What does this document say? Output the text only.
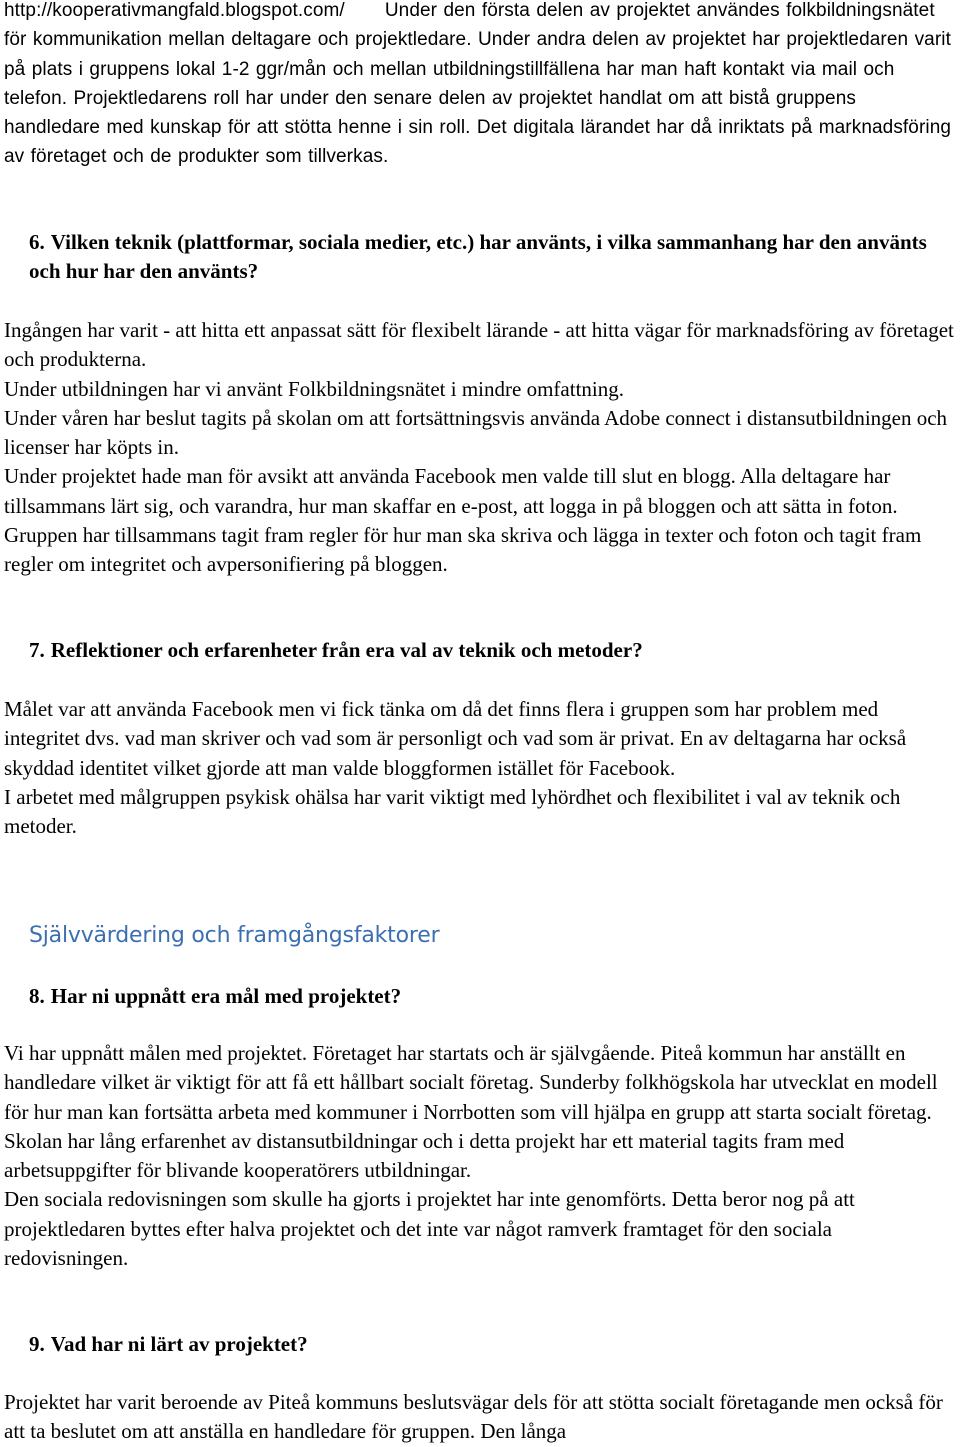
http://kooperativmangfald.blogspot.com/ Under den första delen av projektet användes folkbildningsnätet för kommunikation mellan deltagare och projektledare. Under andra delen av projektet har projektledaren varit på plats i gruppens lokal 1-2 ggr/mån och mellan utbildningstillfällena har man haft kontakt via mail och telefon. Projektledarens roll har under den senare delen av projektet handlat om att bistå gruppens handledare med kunskap för att stötta henne i sin roll. Det digitala lärandet har då inriktats på marknadsföring av företaget och de produkter som tillverkas.
6. Vilken teknik (plattformar, sociala medier, etc.) har använts, i vilka sammanhang har den använts och hur har den använts?
Ingången har varit - att hitta ett anpassat sätt för flexibelt lärande - att hitta vägar för marknadsföring av företaget och produkterna.
Under utbildningen har vi använt Folkbildningsnätet i mindre omfattning.
Under våren har beslut tagits på skolan om att fortsättningsvis använda Adobe connect i distansutbildningen och licenser har köpts in.
Under projektet hade man för avsikt att använda Facebook men valde till slut en blogg. Alla deltagare har tillsammans lärt sig, och varandra, hur man skaffar en e-post, att logga in på bloggen och att sätta in foton. Gruppen har tillsammans tagit fram regler för hur man ska skriva och lägga in texter och foton och tagit fram regler om integritet och avpersonifiering på bloggen.
7. Reflektioner och erfarenheter från era val av teknik och metoder?
Målet var att använda Facebook men vi fick tänka om då det finns flera i gruppen som har problem med integritet dvs. vad man skriver och vad som är personligt och vad som är privat. En av deltagarna har också skyddad identitet vilket gjorde att man valde bloggformen istället för Facebook.
I arbetet med målgruppen psykisk ohälsa har varit viktigt med lyhördhet och flexibilitet i val av teknik och metoder.
Självvärdering och framgångsfaktorer
8. Har ni uppnått era mål med projektet?
Vi har uppnått målen med projektet. Företaget har startats och är självgående. Piteå kommun har anställt en handledare vilket är viktigt för att få ett hållbart socialt företag. Sunderby folkhögskola har utvecklat en modell för hur man kan fortsätta arbeta med kommuner i Norrbotten som vill hjälpa en grupp att starta socialt företag. Skolan har lång erfarenhet av distansutbildningar och i detta projekt har ett material tagits fram med arbetsuppgifter för blivande kooperatörers utbildningar.
Den sociala redovisningen som skulle ha gjorts i projektet har inte genomförts. Detta beror nog på att projektledaren byttes efter halva projektet och det inte var något ramverk framtaget för den sociala redovisningen.
9. Vad har ni lärt av projektet?
Projektet har varit beroende av Piteå kommuns beslutsvägar dels för att stötta socialt företagande men också för att ta beslutet om att anställa en handledare för gruppen. Den långa
